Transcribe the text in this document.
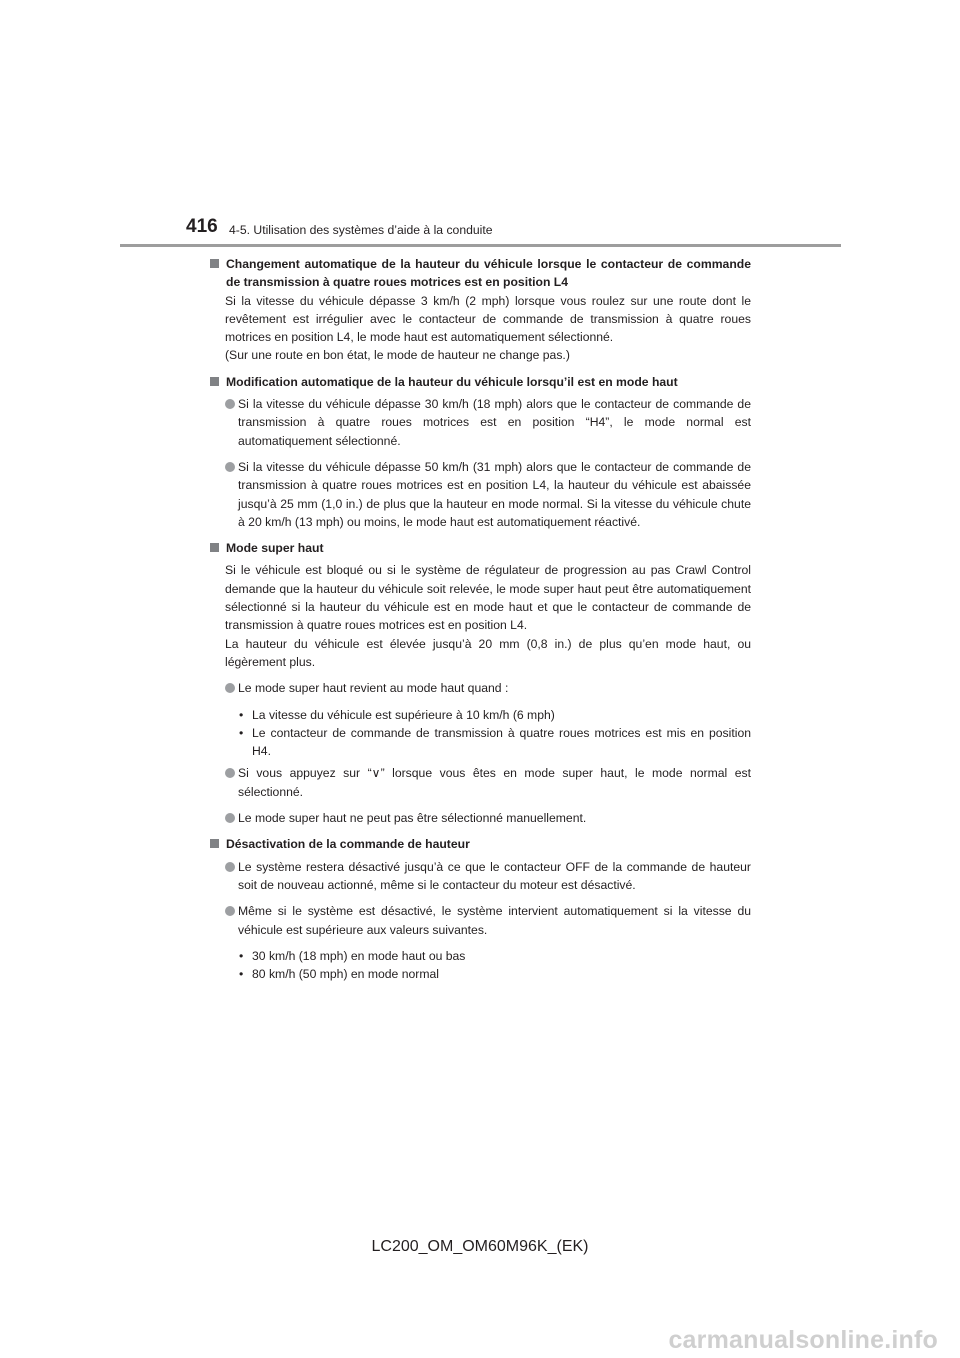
416 4-5. Utilisation des systèmes d’aide à la conduite
Changement automatique de la hauteur du véhicule lorsque le contacteur de commande de transmission à quatre roues motrices est en position L4
Si la vitesse du véhicule dépasse 3 km/h (2 mph) lorsque vous roulez sur une route dont le revêtement est irrégulier avec le contacteur de commande de transmission à quatre roues motrices en position L4, le mode haut est automatiquement sélectionné.
(Sur une route en bon état, le mode de hauteur ne change pas.)
Modification automatique de la hauteur du véhicule lorsqu’il est en mode haut
Si la vitesse du véhicule dépasse 30 km/h (18 mph) alors que le contacteur de commande de transmission à quatre roues motrices est en position “H4”, le mode normal est automatiquement sélectionné.
Si la vitesse du véhicule dépasse 50 km/h (31 mph) alors que le contacteur de commande de transmission à quatre roues motrices est en position L4, la hauteur du véhicule est abaissée jusqu’à 25 mm (1,0 in.) de plus que la hauteur en mode normal. Si la vitesse du véhicule chute à 20 km/h (13 mph) ou moins, le mode haut est automatiquement réactivé.
Mode super haut
Si le véhicule est bloqué ou si le système de régulateur de progression au pas Crawl Control demande que la hauteur du véhicule soit relevée, le mode super haut peut être automatiquement sélectionné si la hauteur du véhicule est en mode haut et que le contacteur de commande de transmission à quatre roues motrices est en position L4.
La hauteur du véhicule est élevée jusqu’à 20 mm (0,8 in.) de plus qu’en mode haut, ou légèrement plus.
Le mode super haut revient au mode haut quand :
• La vitesse du véhicule est supérieure à 10 km/h (6 mph)
• Le contacteur de commande de transmission à quatre roues motrices est mis en position H4.
Si vous appuyez sur “∨” lorsque vous êtes en mode super haut, le mode normal est sélectionné.
Le mode super haut ne peut pas être sélectionné manuellement.
Désactivation de la commande de hauteur
Le système restera désactivé jusqu’à ce que le contacteur OFF de la commande de hauteur soit de nouveau actionné, même si le contacteur du moteur est désactivé.
Même si le système est désactivé, le système intervient automatiquement si la vitesse du véhicule est supérieure aux valeurs suivantes.
• 30 km/h (18 mph) en mode haut ou bas
• 80 km/h (50 mph) en mode normal
LC200_OM_OM60M96K_(EK)
carmanualsonline.info
